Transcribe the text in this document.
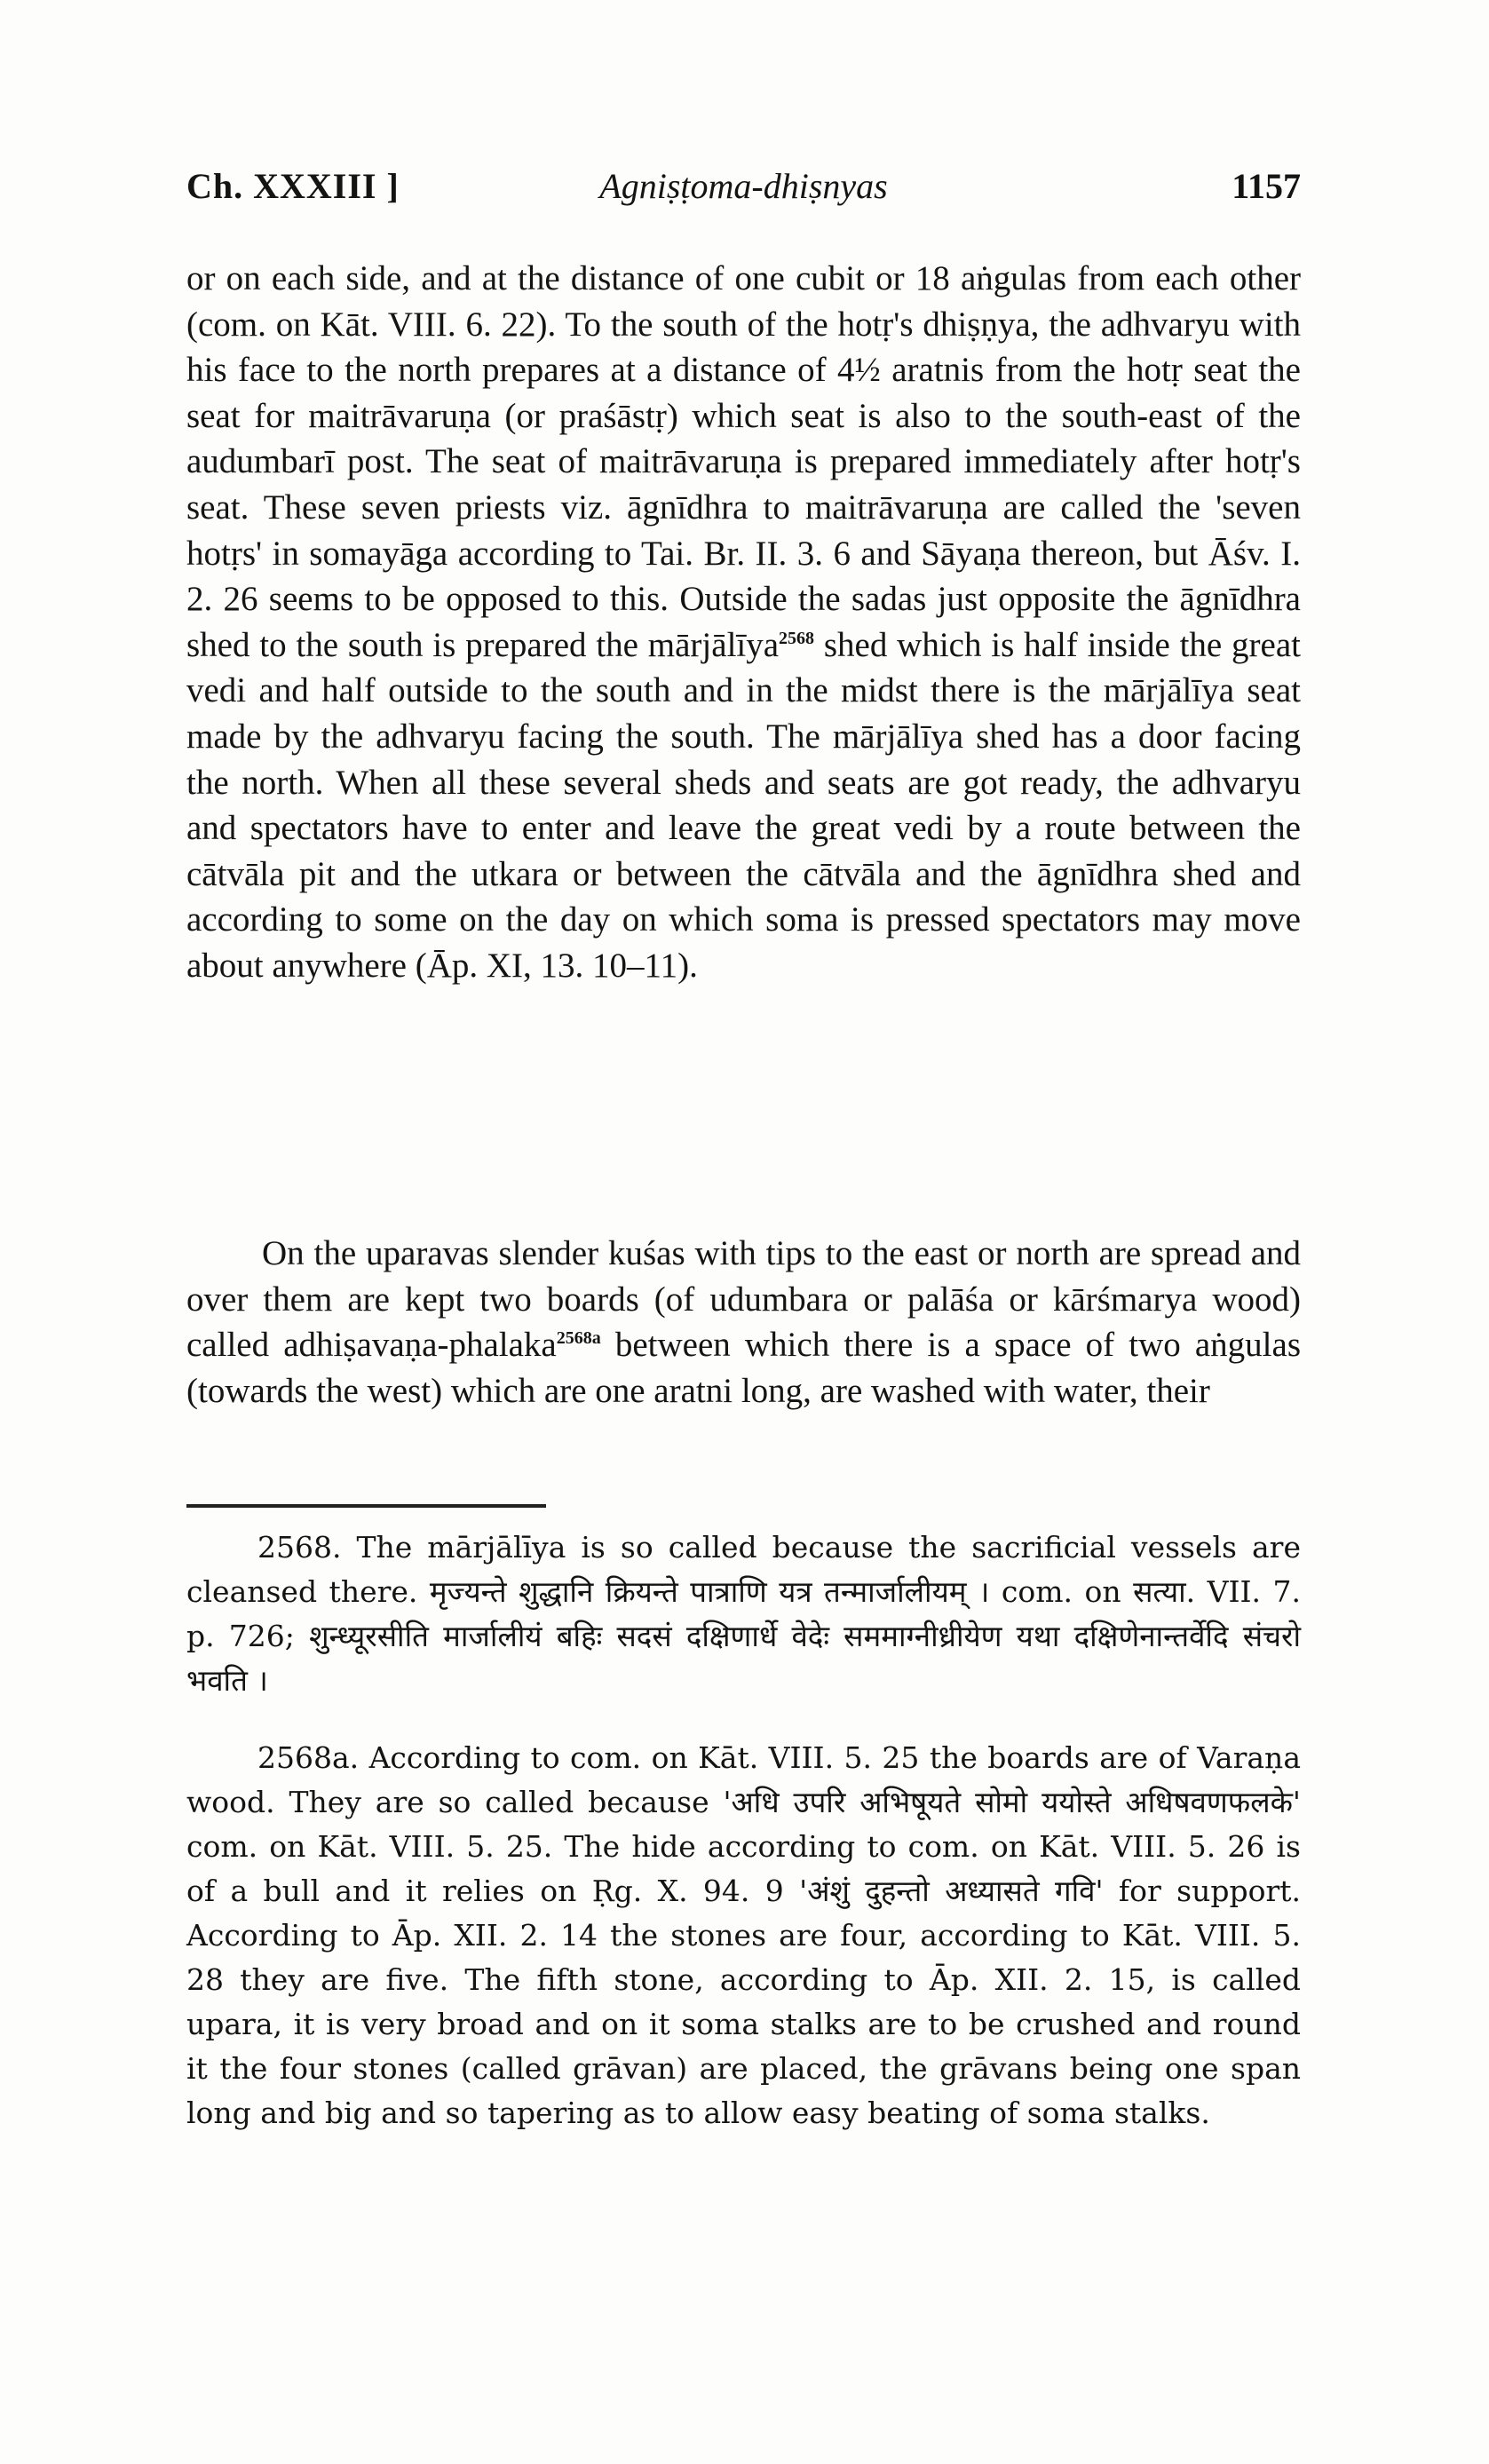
Ch. XXXIII ]	Agniṣṭoma-dhiṣnyas	1157

or on each side, and at the distance of one cubit or 18 aṅgulas from each other (com. on Kāt. VIII. 6. 22). To the south of the hotṛ's dhiṣṇya, the adhvaryu with his face to the north prepares at a distance of 4½ aratnis from the hotṛ seat the seat for maitrāvaruṇa (or praśāstṛ) which seat is also to the south-east of the audumbarī post. The seat of maitrāvaruṇa is prepared immediately after hotṛ's seat. These seven priests viz. āgnīdhra to maitrāvaruṇa are called the 'seven hotṛs' in somayāga according to Tai. Br. II. 3. 6 and Sāyaṇa thereon, but Āśv. I. 2. 26 seems to be opposed to this. Outside the sadas just opposite the āgnīdhra shed to the south is prepared the mārjālīya$^{2568}$ shed which is half inside the great vedi and half outside to the south and in the midst there is the mārjālīya seat made by the adhvaryu facing the south. The mārjālīya shed has a door facing the north. When all these several sheds and seats are got ready, the adhvaryu and spectators have to enter and leave the great vedi by a route between the cātvāla pit and the utkara or between the cātvāla and the āgnīdhra shed and according to some on the day on which soma is pressed spectators may move about anywhere (Āp. XI, 13. 10–11).

On the uparavas slender kuśas with tips to the east or north are spread and over them are kept two boards (of udumbara or palāśa or kārśmarya wood) called adhiṣavaṇa-phalaka$^{2568a}$ between which there is a space of two aṅgulas (towards the west) which are one aratni long, are washed with water, their

2568. The mārjālīya is so called because the sacrificial vessels are cleansed there. मृज्यन्ते शुद्धानि क्रियन्ते पात्राणि यत्र तन्मार्जालीयम् । com. on सत्या. VII. 7. p. 726; शुन्ध्यूरसीति मार्जालीयं बहिः सदसं दक्षिणार्धे वेदेः सममाग्नीध्रीयेण यथा दक्षिणेनान्तर्वेदि संचरो भवति ।

2568a. According to com. on Kāt. VIII. 5. 25 the boards are of Varaṇa wood. They are so called because 'अधि उपरि अभिषूयते सोमो ययोस्ते अधिषवणफलके' com. on Kāt. VIII. 5. 25. The hide according to com. on Kāt. VIII. 5. 26 is of a bull and it relies on Ṛg. X. 94. 9 'अंशुं दुहन्तो अध्यासते गवि' for support. According to Āp. XII. 2. 14 the stones are four, according to Kāt. VIII. 5. 28 they are five. The fifth stone, according to Āp. XII. 2. 15, is called upara, it is very broad and on it soma stalks are to be crushed and round it the four stones (called grāvan) are placed, the grāvans being one span long and big and so tapering as to allow easy beating of soma stalks.
